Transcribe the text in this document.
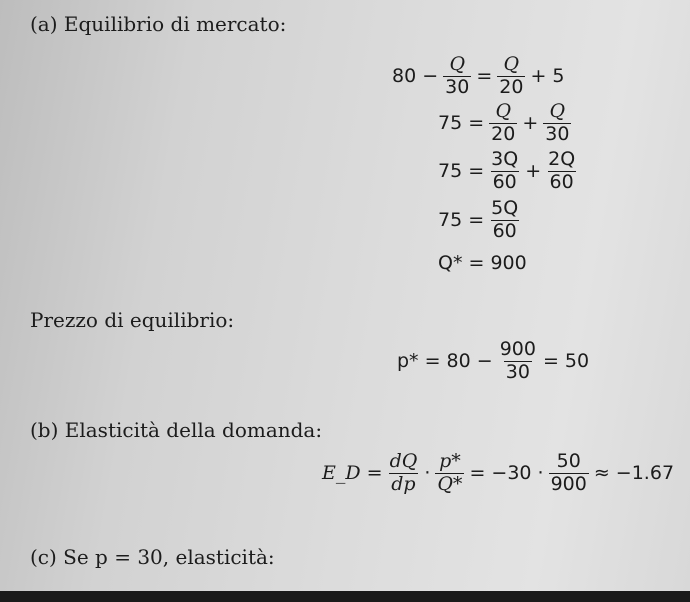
(a) Equilibrio di mercato:
$80 - \frac{Q}{30} = \frac{Q}{20} + 5$
$75 = \frac{Q}{20} + \frac{Q}{30}$
$75 = \frac{3Q}{60} + \frac{2Q}{60}$
$75 = \frac{5Q}{60}$
Q* = 900
Prezzo di equilibrio:
$p* = 80 - \frac{900}{30} = 50$
(b) Elasticità della domanda:
E_D = $\frac{dQ}{dp} \cdot \frac{p*}{Q*} = -30 \cdot \frac{50}{900} \approx -1.67$
(c) Se p = 30, elasticità:
